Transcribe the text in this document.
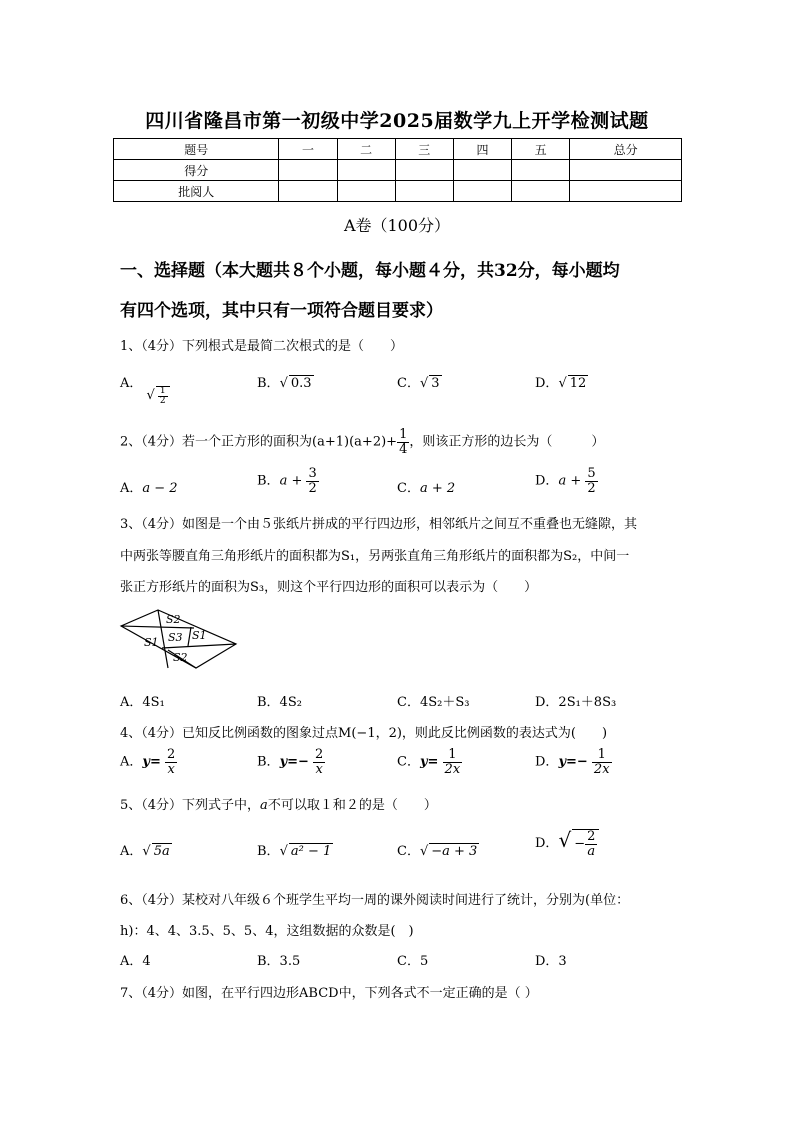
四川省隆昌市第一初级中学2025届数学九上开学检测试题
题号	一	二	三	四	五	总分
得分						
批阅人						
A卷（100分）
一、选择题（本大题共８个小题，每小题４分，共32分，每小题均
有四个选项，其中只有一项符合题目要求）
1、（4分）下列根式是最简二次根式的是（　　）
A． √ $\frac{1}{2}$
B．√ 0.3	C．√ 3	D．√ 12
2、（4分）若一个正方形的面积为$(a+1)(a+2)+ \frac{1}{4}$ ，则该正方形的边长为（　　　）
A．a − 2	B．$a + \frac{3}{2}$	C．a + 2	D．$a + \frac{5}{2}$
3、（4分）如图是一个由５张纸片拼成的平行四边形，相邻纸片之间互不重叠也无缝隙，其
中两张等腰直角三角形纸片的面积都为S₁，另两张直角三角形纸片的面积都为S₂，中间一
张正方形纸片的面积为S₃，则这个平行四边形的面积可以表示为（　　）
S2
S1 S3 S1
S2
A．4S₁	B．4S₂	C．4S₂＋S₃	D．2S₁＋8S₃
4、（4分）已知反比例函数的图象过点M(−1，2)，则此反比例函数的表达式为(　　)
A．$y= \frac{2}{x}$	B．$y=- \frac{2}{x}$	C．$y= \frac{1}{2x}$	D．$y=- \frac{1}{2x}$
5、（4分）下列式子中，a不可以取１和２的是（　　）
A．√ 5a	B．√ a² − 1	C．√ −a + 3
D．√ − $\frac{2}{a}$
6、（4分）某校对八年级６个班学生平均一周的课外阅读时间进行了统计，分别为(单位：
h)：4、4、3.5、5、5、4，这组数据的众数是(　)
A．4	B．3.5	C．5	D．3
7、（4分）如图，在平行四边形ABCD中，下列各式不一定正确的是（ ）
